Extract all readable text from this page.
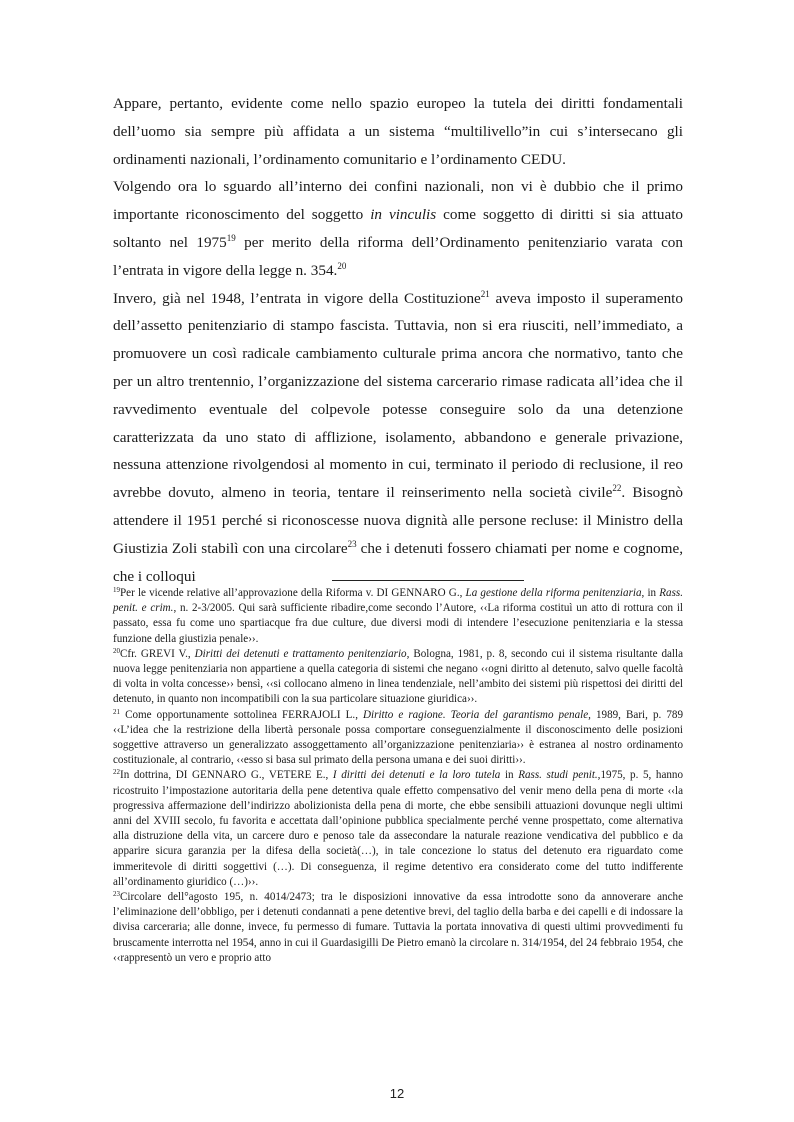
Appare, pertanto, evidente come nello spazio europeo la tutela dei diritti fondamentali dell’uomo sia sempre più affidata a un sistema “multilivello”in cui s’intersecano gli ordinamenti nazionali, l’ordinamento comunitario e l’ordinamento CEDU.

Volgendo ora lo sguardo all’interno dei confini nazionali, non vi è dubbio che il primo importante riconoscimento del soggetto in vinculis come soggetto di diritti si sia attuato soltanto nel 1975$^{19}$ per merito della riforma dell’Ordinamento penitenziario varata con l’entrata in vigore della legge n. 354.20

Invero, già nel 1948, l’entrata in vigore della Costituzione$^{21}$ aveva imposto il superamento dell’assetto penitenziario di stampo fascista. Tuttavia, non si era riusciti, nell’immediato, a promuovere un così radicale cambiamento culturale prima ancora che normativo, tanto che per un altro trentennio, l’organizzazione del sistema carcerario rimase radicata all’idea che il ravvedimento eventuale del colpevole potesse conseguire solo da una detenzione caratterizzata da uno stato di afflizione, isolamento, abbandono e generale privazione, nessuna attenzione rivolgendosi al momento in cui, terminato il periodo di reclusione, il reo avrebbe dovuto, almeno in teoria, tentare il reinserimento nella società civile$^{22}$. Bisognò attendere il 1951 perché si riconoscesse nuova dignità alle persone recluse: il Ministro della Giustizia Zoli stabilì con una circolare$^{23}$ che i detenuti fossero chiamati per nome e cognome, che i colloqui

$^{19}$Per le vicende relative all’approvazione della Riforma v. DI GENNARO G., La gestione della riforma penitenziaria, in Rass. penit. e crim., n. 2-3/2005. Qui sarà sufficiente ribadire,come secondo l’Autore, ‹‹La riforma costituì un atto di rottura con il passato, essa fu come uno spartiacque fra due culture, due diversi modi di intendere l’esecuzione penitenziaria e la stessa funzione della giustizia penale››.

$^{20}$Cfr. GREVI V., Diritti dei detenuti e trattamento penitenziario, Bologna, 1981, p. 8, secondo cui il sistema risultante dalla nuova legge penitenziaria non appartiene a quella categoria di sistemi che negano ‹‹ogni diritto al detenuto, salvo quelle facoltà di volta in volta concesse›› bensì, ‹‹si collocano almeno in linea tendenziale, nell’ambito dei sistemi più rispettosi dei diritti del detenuto, in quanto non incompatibili con la sua particolare situazione giuridica››.

$^{21}$ Come opportunamente sottolinea FERRAJOLI L., Diritto e ragione. Teoria del garantismo penale, 1989, Bari, p. 789 ‹‹L’idea che la restrizione della libertà personale possa comportare conseguenzialmente il disconoscimento delle posizioni soggettive attraverso un generalizzato assoggettamento all’organizzazione penitenziaria›› è estranea al nostro ordinamento costituzionale, al contrario, ‹‹esso si basa sul primato della persona umana e dei suoi diritti››.

$^{22}$In dottrina, DI GENNARO G., VETERE E., I diritti dei detenuti e la loro tutela in Rass. studi penit.,1975, p. 5, hanno ricostruito l’impostazione autoritaria della pene detentiva quale effetto compensativo del venir meno della pena di morte ‹‹la progressiva affermazione dell’indirizzo abolizionista della pena di morte, che ebbe sensibili attuazioni dovunque negli ultimi anni del XVIII secolo, fu favorita e accettata dall’opinione pubblica specialmente perché venne prospettato, come alternativa alla distruzione della vita, un carcere duro e penoso tale da assecondare la naturale reazione vendicativa del pubblico e da apparire sicura garanzia per la difesa della società(…), in tale concezione lo status del detenuto era riguardato come immeritevole di diritti soggettivi (…). Di conseguenza, il regime detentivo era considerato come del tutto indifferente all’ordinamento giuridico (…)››.

$^{23}$Circolare dell°agosto 195, n. 4014/2473; tra le disposizioni innovative da essa introdotte sono da annoverare anche l’eliminazione dell’obbligo, per i detenuti condannati a pene detentive brevi, del taglio della barba e dei capelli e di indossare la divisa carceraria; alle donne, invece, fu permesso di fumare. Tuttavia la portata innovativa di questi ultimi provvedimenti fu bruscamente interrotta nel 1954, anno in cui il Guardasigilli De Pietro emanò la circolare n. 314/1954, del 24 febbraio 1954, che ‹‹rappresentò un vero e proprio atto

12
